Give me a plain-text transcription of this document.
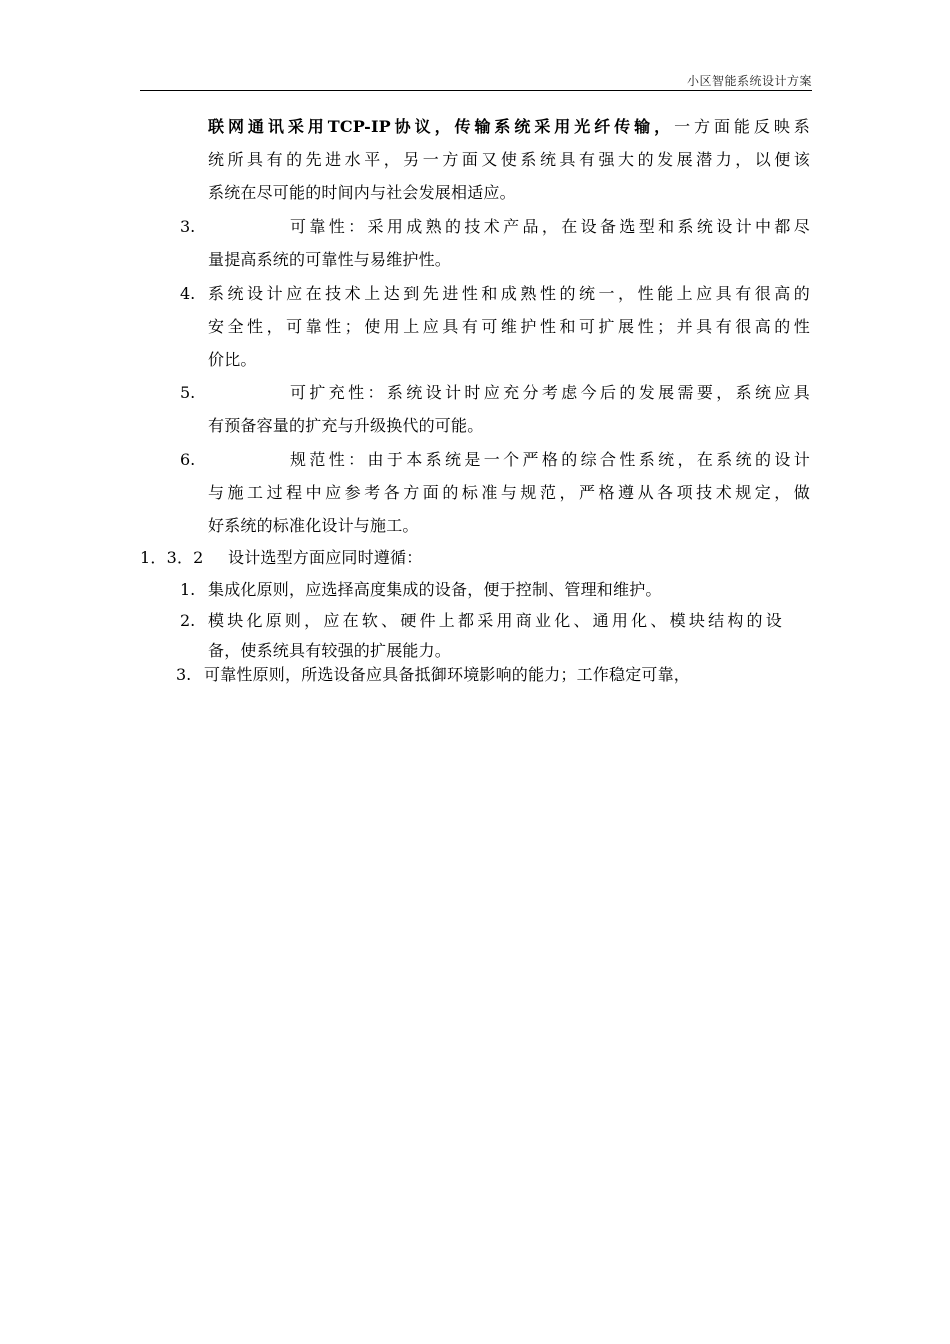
小区智能系统设计方案
联网通讯采用TCP-IP协议，传输系统采用光纤传输，一方面能反映系
统所具有的先进水平，另一方面又使系统具有强大的发展潜力，以便该
系统在尽可能的时间内与社会发展相适应。
3.	可靠性：采用成熟的技术产品，在设备选型和系统设计中都尽
量提高系统的可靠性与易维护性。
4. 系统设计应在技术上达到先进性和成熟性的统一，性能上应具有很高的
安全性，可靠性；使用上应具有可维护性和可扩展性；并具有很高的性
价比。
5.	可扩充性：系统设计时应充分考虑今后的发展需要，系统应具
有预备容量的扩充与升级换代的可能。
6.	规范性：由于本系统是一个严格的综合性系统，在系统的设计
与施工过程中应参考各方面的标准与规范，严格遵从各项技术规定，做
好系统的标准化设计与施工。
1．3．2 设计选型方面应同时遵循：
1. 集成化原则，应选择高度集成的设备，便于控制、管理和维护。
2. 模块化原则，应在软、硬件上都采用商业化、通用化、模块结构的设
备，使系统具有较强的扩展能力。
3. 可靠性原则，所选设备应具备抵御环境影响的能力；工作稳定可靠，
